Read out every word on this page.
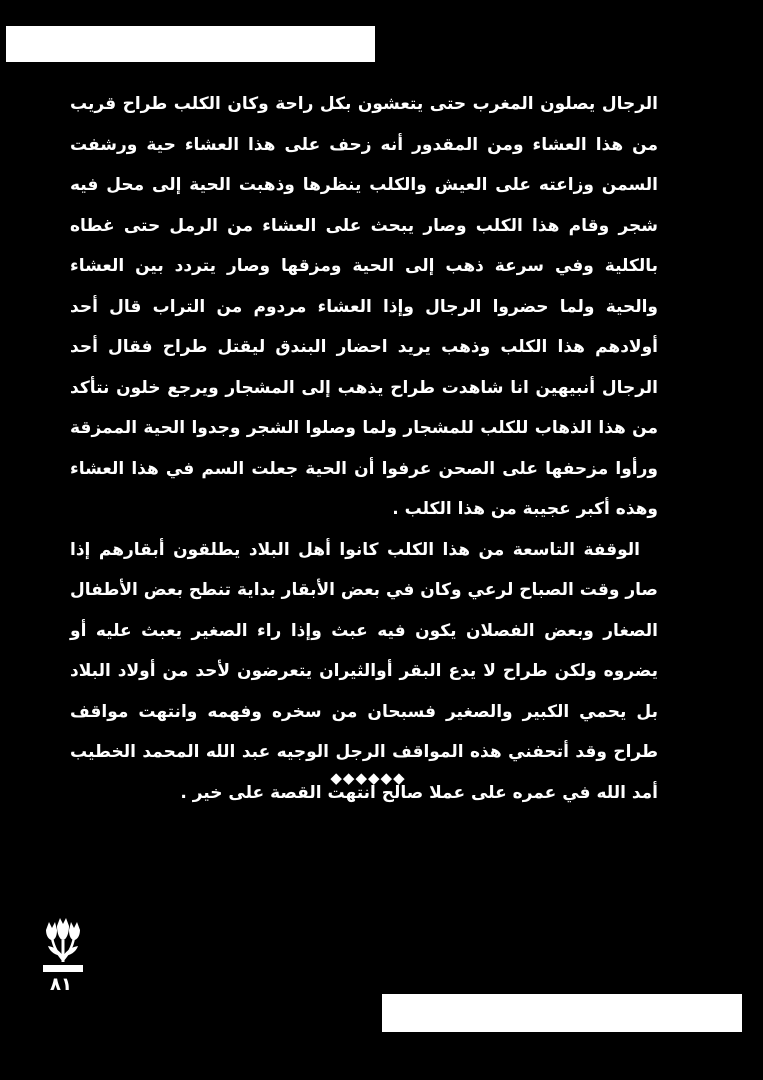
الرجال يصلون المغرب حتى يتعشون بكل راحة وكان الكلب طراح قريب من هذا العشاء ومن المقدور أنه زحف على هذا العشاء حية ورشفت السمن وزاعته على العيش والكلب ينظرها وذهبت الحية إلى محل فيه شجر وقام هذا الكلب وصار يبحث على العشاء من الرمل حتى غطاه بالكلية وفي سرعة ذهب إلى الحية ومزقها وصار يتردد بين العشاء والحية ولما حضروا الرجال وإذا العشاء مردوم من التراب قال أحد أولادهم هذا الكلب وذهب يريد احضار البندق ليقتل طراح فقال أحد الرجال أنبيهين انا شاهدت طراح يذهب إلى المشجار ويرجع خلون نتأكد من هذا الذهاب للكلب للمشجار ولما وصلوا الشجر وجدوا الحية الممزقة ورأوا مزحفها على الصحن عرفوا أن الحية جعلت السم في هذا العشاء وهذه أكبر عجيبة من هذا الكلب .

الوقفة التاسعة من هذا الكلب كانوا أهل البلاد يطلقون أبقارهم إذا صار وقت الصباح لرعي وكان في بعض الأبقار بداية تنطح بعض الأطفال الصغار وبعض الفصلان يكون فيه عبث وإذا راء الصغير يعبث عليه أو يضروه ولكن طراح لا يدع البقر أوالثيران يتعرضون لأحد من أولاد البلاد بل يحمي الكبير والصغير فسبحان من سخره وفهمه وانتهت مواقف طراح وقد أتحفني هذه المواقف الرجل الوجيه عبد الله المحمد الخطيب أمد الله في عمره على عملا صالح انتهت القصة على خير .

◆◆◆◆◆◆
٨١
